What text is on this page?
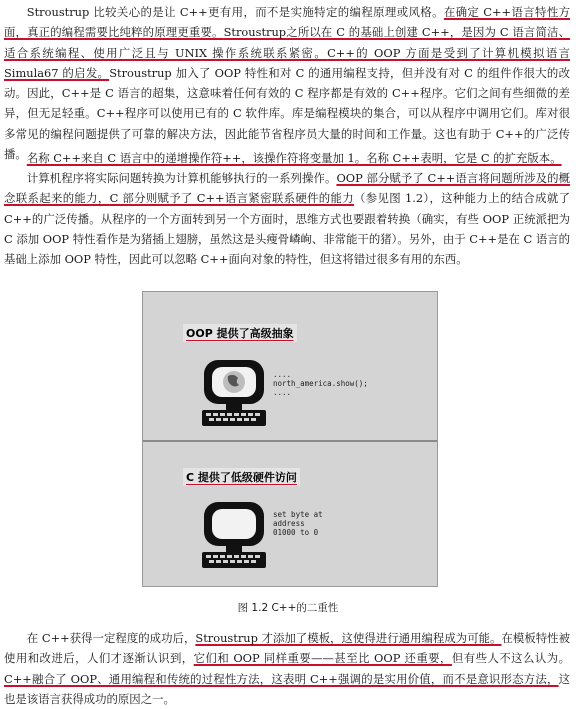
Stroustrup 比较关心的是让 C++更有用，而不是实施特定的编程原理或风格。在确定 C++语言特性方面，真正的编程需要比纯粹的原理更重要。Stroustrup之所以在 C 的基础上创建 C++，是因为 C 语言简洁、适合系统编程、使用广泛且与 UNIX 操作系统联系紧密。C++的 OOP 方面是受到了计算机模拟语言 Simula67 的启发。Stroustrup 加入了 OOP 特性和对 C 的通用编程支持，但并没有对 C 的组件作很大的改动。因此，C++是 C 语言的超集，这意味着任何有效的 C 程序都是有效的 C++程序。它们之间有些细微的差异，但无足轻重。C++程序可以使用已有的 C 软件库。库是编程模块的集合，可以从程序中调用它们。库对很多常见的编程问题提供了可靠的解决方法，因此能节省程序员大量的时间和工作量。这也有助于 C++的广泛传播。 名称 C++来自 C 语言中的递增操作符++，该操作符将变量加 1。名称 C++表明，它是 C 的扩充版本。

计算机程序将实际问题转换为计算机能够执行的一系列操作。OOP 部分赋予了 C++语言将问题所涉及的概念联系起来的能力，C 部分则赋予了 C++语言紧密联系硬件的能力（参见图 1.2），这种能力上的结合成就了 C++的广泛传播。从程序的一个方面转到另一个方面时，思维方式也要跟着转换（确实，有些 OOP 正统派把为 C 添加 OOP 特性看作是为猪插上翅膀，虽然这是头瘦骨嶙峋、非常能干的猪）。另外，由于 C++是在 C 语言的基础上添加 OOP 特性，因此可以忽略 C++面向对象的特性，但这将错过很多有用的东西。

OOP 提供了高级抽象
....
north_america.show();
....
C 提供了低级硬件访问
set byte at
address
01000 to 0
图 1.2 C++的二重性

在 C++获得一定程度的成功后，Stroustrup 才添加了模板，这使得进行通用编程成为可能。在模板特性被使用和改进后，人们才逐渐认识到，它们和 OOP 同样重要——甚至比 OOP 还重要，但有些人不这么认为。C++融合了 OOP、通用编程和传统的过程性方法，这表明 C++强调的是实用价值，而不是意识形态方法，这也是该语言获得成功的原因之一。
